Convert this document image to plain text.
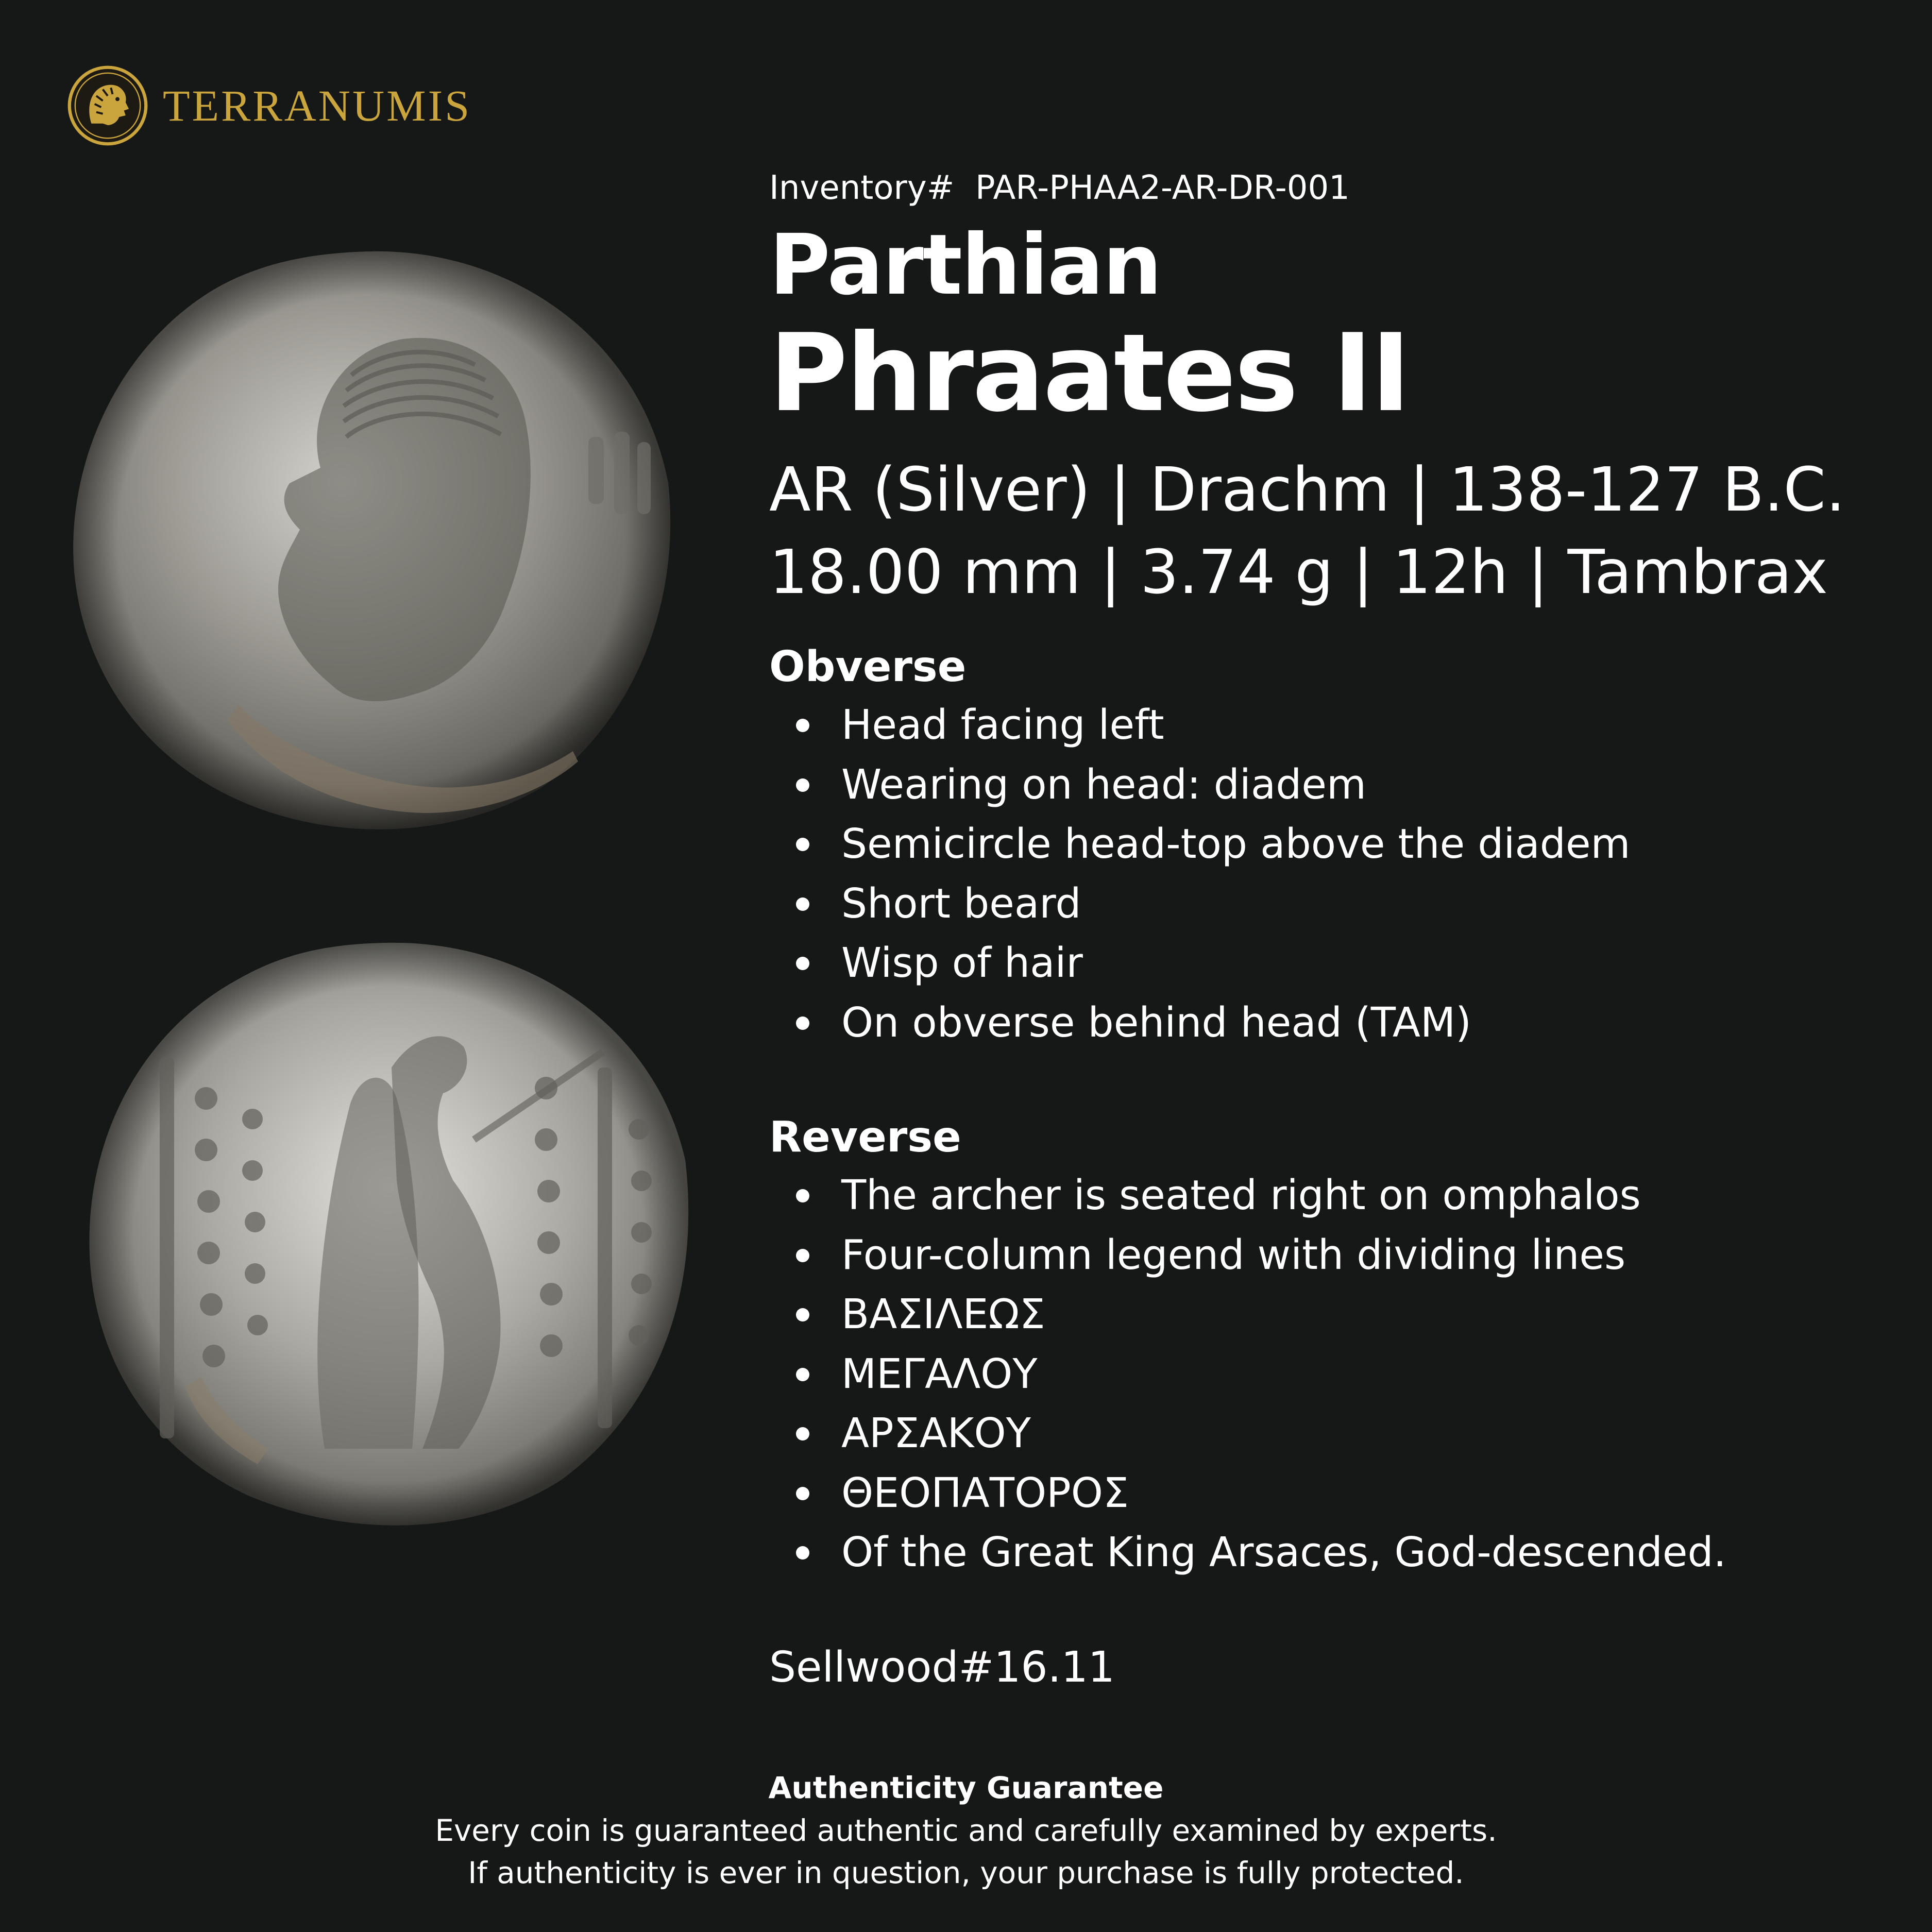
TERRANUMIS
Inventory#  PAR-PHAA2-AR-DR-001
Parthian
Phraates II
AR (Silver) | Drachm | 138-127 B.C.
18.00 mm | 3.74 g | 12h | Tambrax
Obverse
Head facing left
Wearing on head: diadem
Semicircle head-top above the diadem
Short beard
Wisp of hair
On obverse behind head (TAM)
Reverse
The archer is seated right on omphalos
Four-column legend with dividing lines
ΒΑΣΙΛΕΩΣ
ΜΕΓΑΛΟΥ
ΑΡΣΑΚΟΥ
ΘΕΟΠΑΤΟΡΟΣ
Of the Great King Arsaces, God-descended.
Sellwood#16.11
Authenticity Guarantee
Every coin is guaranteed authentic and carefully examined by experts.
If authenticity is ever in question, your purchase is fully protected.
